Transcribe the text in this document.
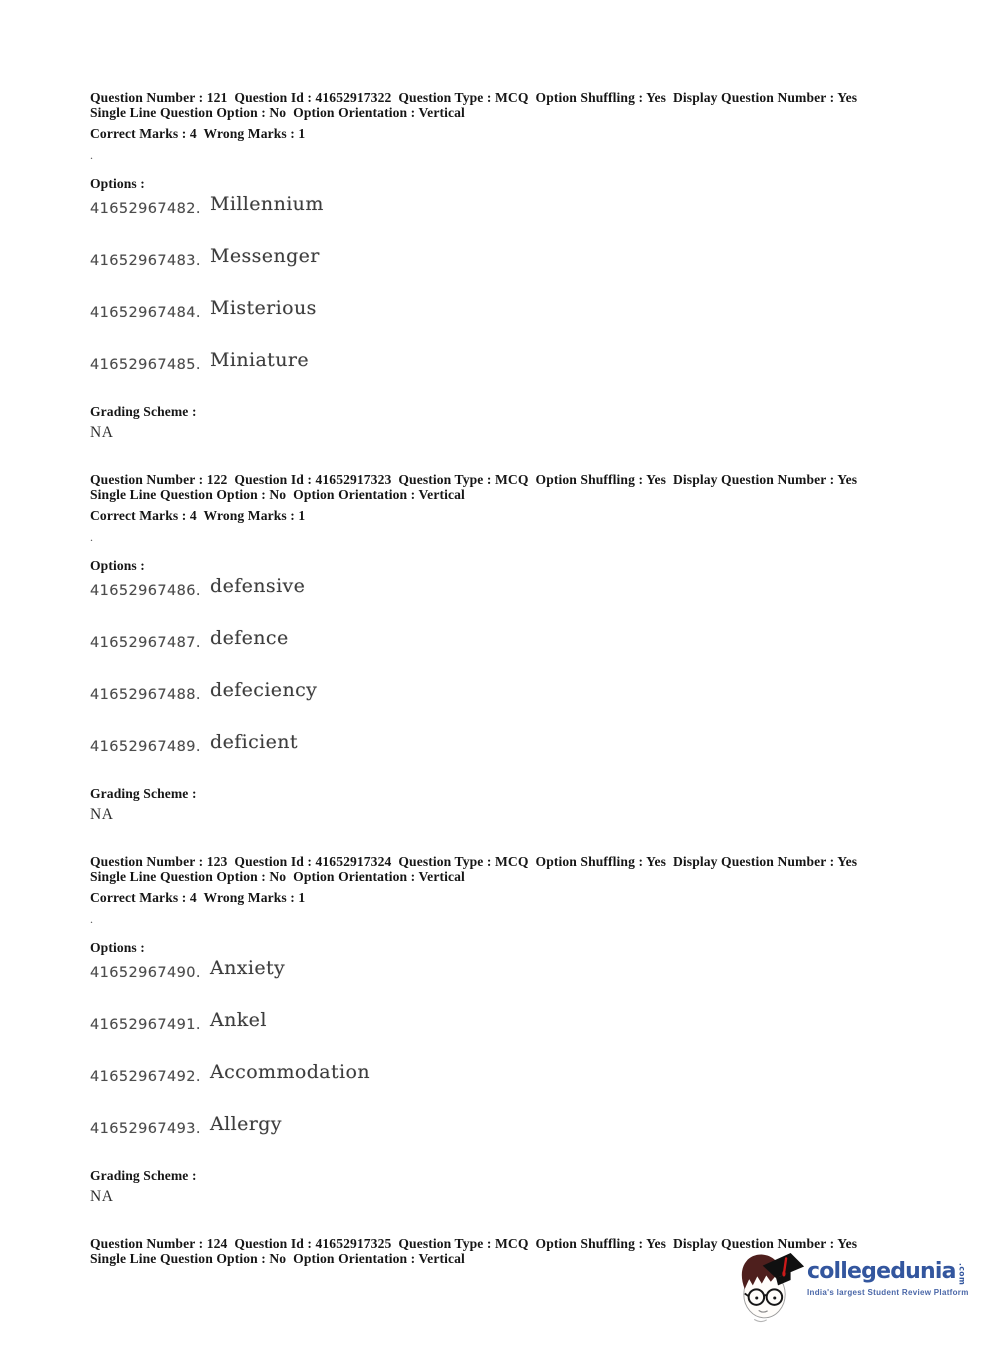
Question Number : 121  Question Id : 41652917322  Question Type : MCQ  Option Shuffling : Yes  Display Question Number : Yes
Single Line Question Option : No  Option Orientation : Vertical
Correct Marks : 4  Wrong Marks : 1
.
Options :
41652967482. Millennium
41652967483. Messenger
41652967484. Misterious
41652967485. Miniature
Grading Scheme :
NA
Question Number : 122  Question Id : 41652917323  Question Type : MCQ  Option Shuffling : Yes  Display Question Number : Yes
Single Line Question Option : No  Option Orientation : Vertical
Correct Marks : 4  Wrong Marks : 1
.
Options :
41652967486. defensive
41652967487. defence
41652967488. defeciency
41652967489. deficient
Grading Scheme :
NA
Question Number : 123  Question Id : 41652917324  Question Type : MCQ  Option Shuffling : Yes  Display Question Number : Yes
Single Line Question Option : No  Option Orientation : Vertical
Correct Marks : 4  Wrong Marks : 1
.
Options :
41652967490. Anxiety
41652967491. Ankel
41652967492. Accommodation
41652967493. Allergy
Grading Scheme :
NA
Question Number : 124  Question Id : 41652917325  Question Type : MCQ  Option Shuffling : Yes  Display Question Number : Yes
Single Line Question Option : No  Option Orientation : Vertical
collegedunia .com
India's largest Student Review Platform
